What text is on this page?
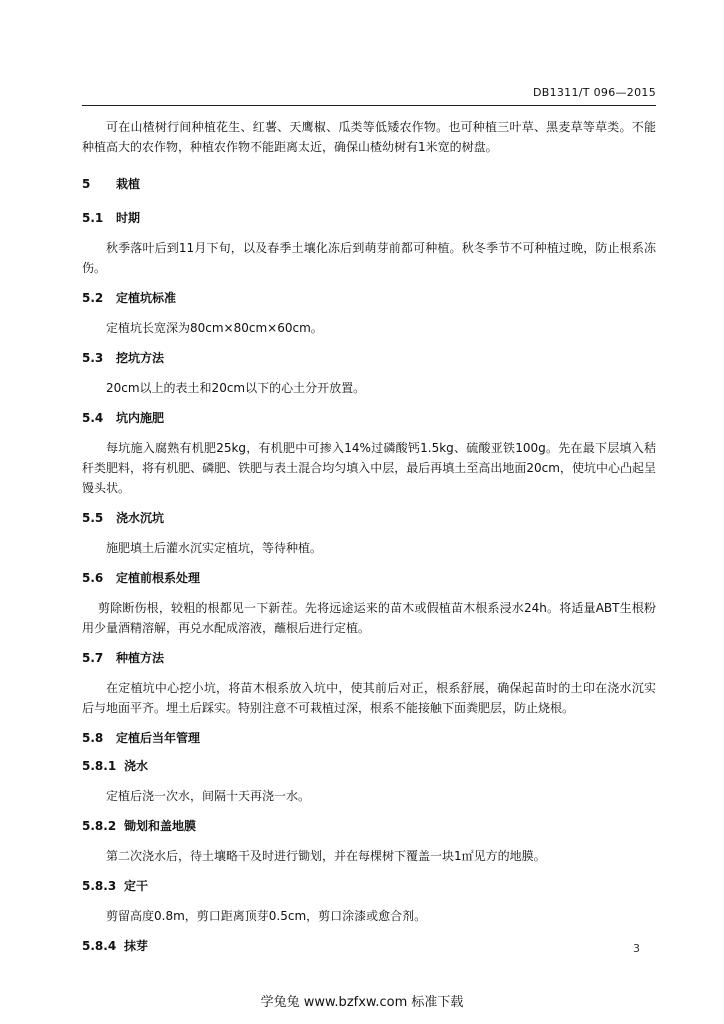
DB1311/T 096—2015

可在山楂树行间种植花生、红薯、天鹰椒、瓜类等低矮农作物。也可种植三叶草、黑麦草等草类。不能种植高大的农作物，种植农作物不能距离太近，确保山楂幼树有1米宽的树盘。

5 栽植
5.1 时期

秋季落叶后到11月下旬，以及春季土壤化冻后到萌芽前都可种植。秋冬季节不可种植过晚，防止根系冻伤。

5.2 定植坑标准

定植坑长宽深为80cm×80cm×60cm。

5.3 挖坑方法

20cm以上的表土和20cm以下的心土分开放置。

5.4 坑内施肥

每坑施入腐熟有机肥25kg，有机肥中可掺入14%过磷酸钙1.5kg、硫酸亚铁100g。先在最下层填入秸秆类肥料，将有机肥、磷肥、铁肥与表土混合均匀填入中层，最后再填土至高出地面20cm，使坑中心凸起呈馒头状。

5.5 浇水沉坑

施肥填土后灌水沉实定植坑，等待种植。

5.6 定植前根系处理

剪除断伤根，较粗的根都见一下新茬。先将远途运来的苗木或假植苗木根系浸水24h。将适量ABT生根粉用少量酒精溶解，再兑水配成溶液，蘸根后进行定植。

5.7 种植方法

在定植坑中心挖小坑，将苗木根系放入坑中，使其前后对正，根系舒展，确保起苗时的土印在浇水沉实后与地面平齐。埋土后踩实。特别注意不可栽植过深，根系不能接触下面粪肥层，防止烧根。

5.8 定植后当年管理
5.8.1 浇水

定植后浇一次水，间隔十天再浇一水。

5.8.2 锄划和盖地膜

第二次浇水后，待土壤略干及时进行锄划，并在每棵树下覆盖一块1㎡见方的地膜。

5.8.3 定干

剪留高度0.8m，剪口距离顶芽0.5cm，剪口涂漆或愈合剂。

5.8.4 抹芽	3
学兔兔 www.bzfxw.com 标准下载
